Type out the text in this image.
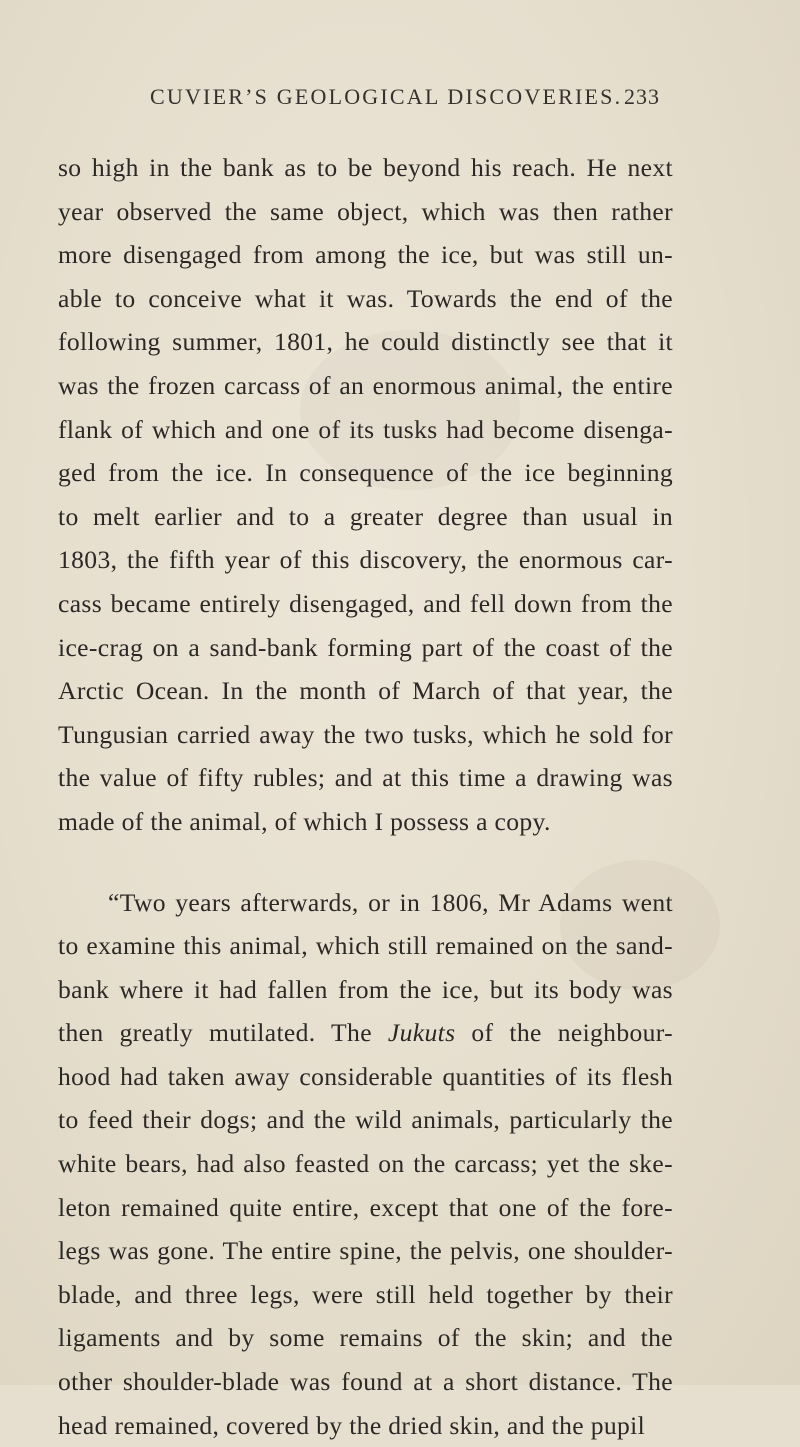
CUVIER’S GEOLOGICAL DISCOVERIES. 233
so high in the bank as to be beyond his reach. He next
year observed the same object, which was then rather
more disengaged from among the ice, but was still un-
able to conceive what it was. Towards the end of the
following summer, 1801, he could distinctly see that it
was the frozen carcass of an enormous animal, the entire
flank of which and one of its tusks had become disenga-
ged from the ice. In consequence of the ice beginning
to melt earlier and to a greater degree than usual in
1803, the fifth year of this discovery, the enormous car-
cass became entirely disengaged, and fell down from the
ice-crag on a sand-bank forming part of the coast of the
Arctic Ocean. In the month of March of that year, the
Tungusian carried away the two tusks, which he sold for
the value of fifty rubles; and at this time a drawing was
made of the animal, of which I possess a copy.
“Two years afterwards, or in 1806, Mr Adams went
to examine this animal, which still remained on the sand-
bank where it had fallen from the ice, but its body was
then greatly mutilated. The Jukuts of the neighbour-
hood had taken away considerable quantities of its flesh
to feed their dogs; and the wild animals, particularly the
white bears, had also feasted on the carcass; yet the ske-
leton remained quite entire, except that one of the fore-
legs was gone. The entire spine, the pelvis, one shoulder-
blade, and three legs, were still held together by their
ligaments and by some remains of the skin; and the
other shoulder-blade was found at a short distance. The
head remained, covered by the dried skin, and the pupil
